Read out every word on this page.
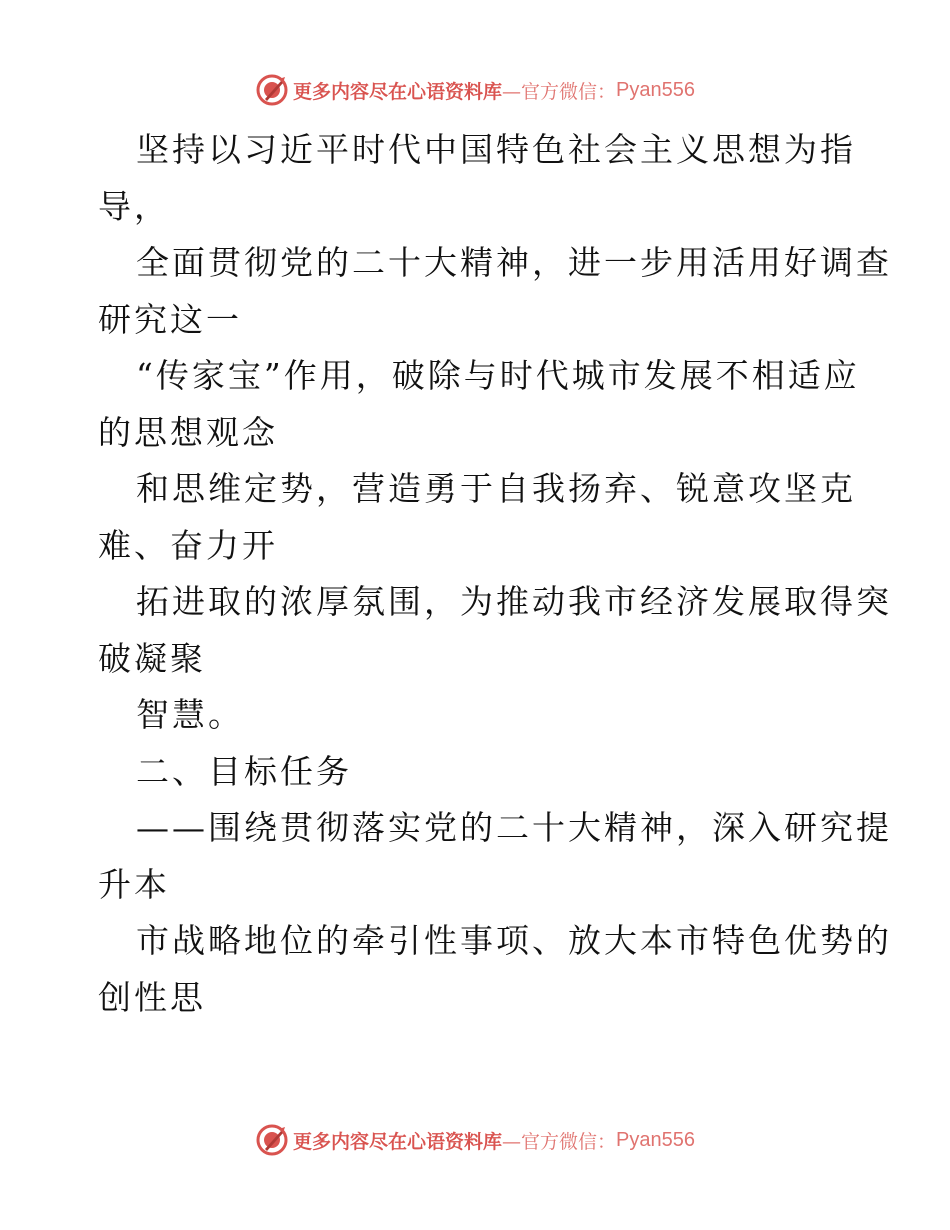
更多内容尽在心语资料库 —官方微信： Pyan556
坚持以习近平时代中国特色社会主义思想为指
导，
全面贯彻党的二十大精神，进一步用活用好调查
研究这一
“传家宝”作用，破除与时代城市发展不相适应
的思想观念
和思维定势，营造勇于自我扬弃、锐意攻坚克
难、奋力开
拓进取的浓厚氛围，为推动我市经济发展取得突
破凝聚
智慧。
二、目标任务
——围绕贯彻落实党的二十大精神，深入研究提
升本
市战略地位的牵引性事项、放大本市特色优势的
创性思
更多内容尽在心语资料库 —官方微信： Pyan556
